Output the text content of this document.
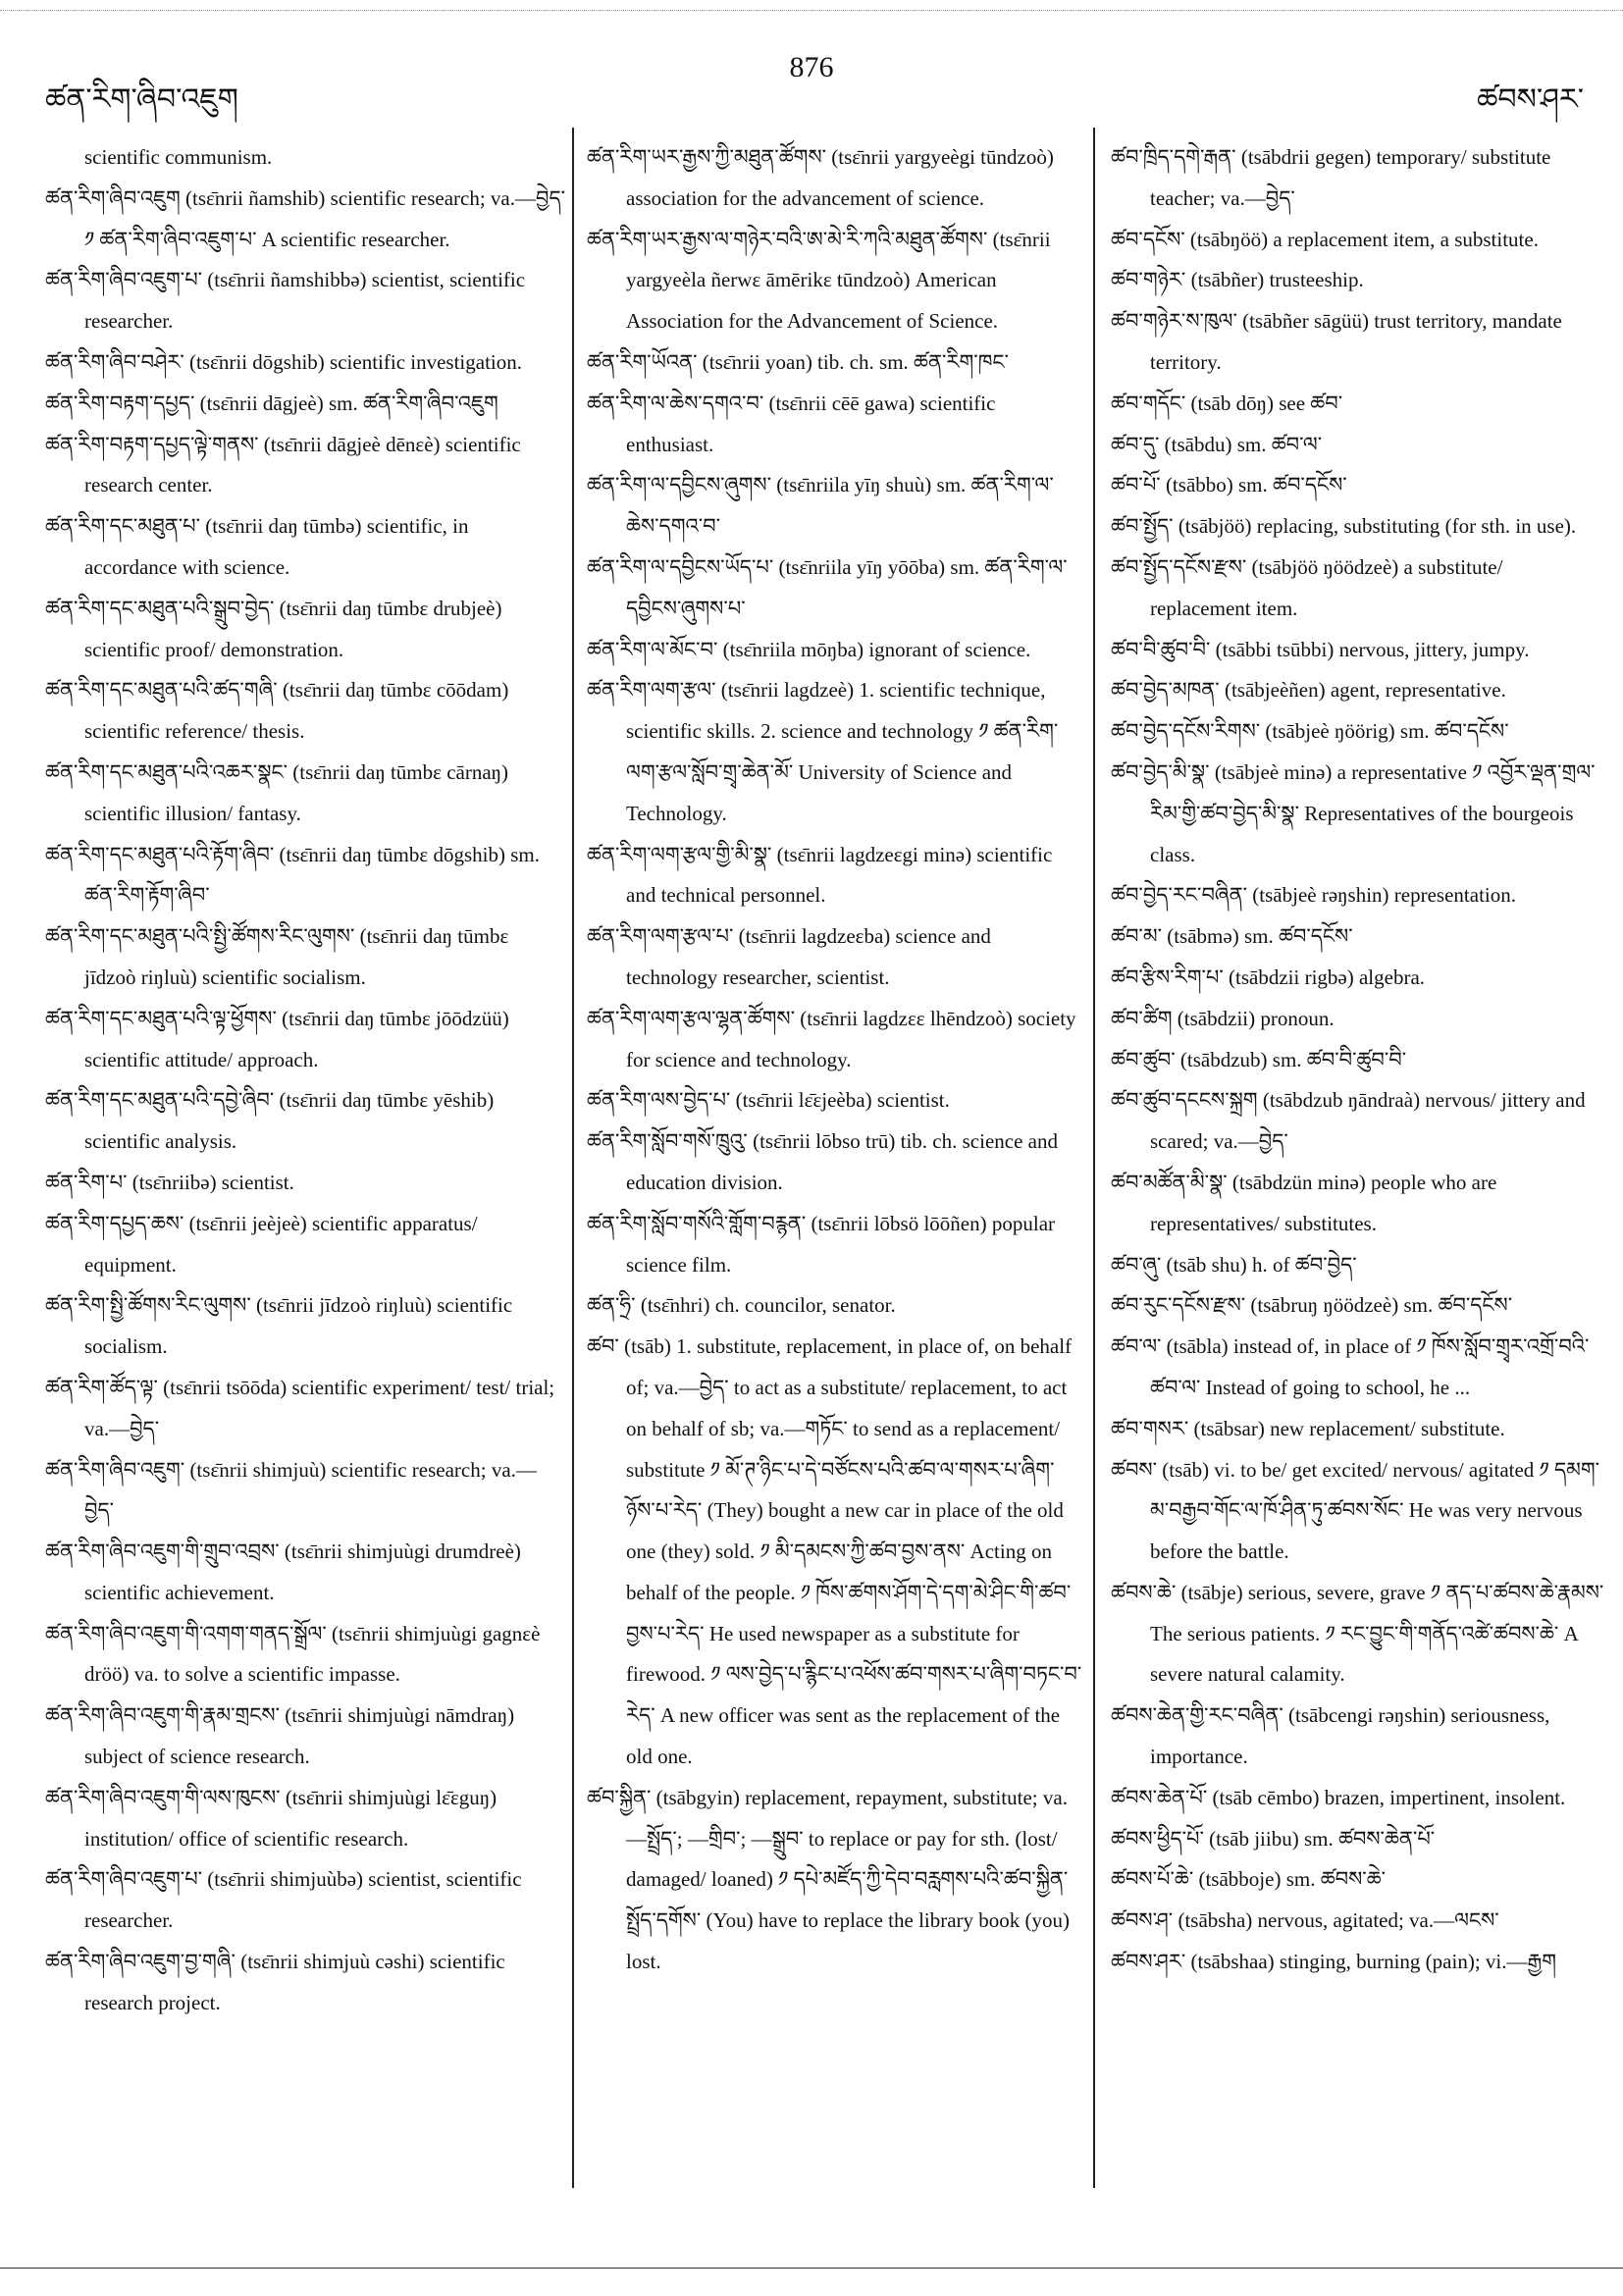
ཚན་རིག་ཞིབ་འཇུག
876
ཚབས་ཤར་
scientific communism.
ཚན་རིག་ཞིབ་འཇུག (tsɛ̄nrii ñamshib) scientific research; va.—བྱེད་ ༡ ཚན་རིག་ཞིབ་འཇུག་པ་ A scientific researcher.
ཚན་རིག་ཞིབ་འཇུག་པ་ (tsɛ̄nrii ñamshibbə) scientist, scientific researcher.
ཚན་རིག་ཞིབ་བཤེར་ (tsɛ̄nrii dōgshib) scientific investigation.
ཚན་རིག་བརྟག་དཔྱད་ (tsɛ̄nrii dāgjeè) sm. ཚན་རིག་ཞིབ་འཇུག
ཚན་རིག་བརྟག་དཔྱད་ལྟེ་གནས་ (tsɛ̄nrii dāgjeè dēnɛè) scientific research center.
ཚན་རིག་དང་མཐུན་པ་ (tsɛ̄nrii daŋ tūmbə) scientific, in accordance with science.
ཚན་རིག་དང་མཐུན་པའི་སྒྲུབ་བྱེད་ (tsɛ̄nrii daŋ tūmbɛ drubjeè) scientific proof/ demonstration.
ཚན་རིག་དང་མཐུན་པའི་ཚད་གཞི་ (tsɛ̄nrii daŋ tūmbɛ cōōdam) scientific reference/ thesis.
ཚན་རིག་དང་མཐུན་པའི་འཆར་སྣང་ (tsɛ̄nrii daŋ tūmbɛ cārnaŋ) scientific illusion/ fantasy.
ཚན་རིག་དང་མཐུན་པའི་རྟོག་ཞིབ་ (tsɛ̄nrii daŋ tūmbɛ dōgshib) sm. ཚན་རིག་རྟོག་ཞིབ་
ཚན་རིག་དང་མཐུན་པའི་སྤྱི་ཚོགས་རིང་ལུགས་ (tsɛ̄nrii daŋ tūmbɛ jīdzoò riŋluù) scientific socialism.
ཚན་རིག་དང་མཐུན་པའི་ལྟ་ཕྱོགས་ (tsɛ̄nrii daŋ tūmbɛ jōōdzüü) scientific attitude/ approach.
ཚན་རིག་དང་མཐུན་པའི་དབྱེ་ཞིབ་ (tsɛ̄nrii daŋ tūmbɛ yēshib) scientific analysis.
ཚན་རིག་པ་ (tsɛ̄nriibə) scientist.
ཚན་རིག་དཔྱད་ཆས་ (tsɛ̄nrii jeèjeè) scientific apparatus/ equipment.
ཚན་རིག་སྤྱི་ཚོགས་རིང་ལུགས་ (tsɛ̄nrii jīdzoò riŋluù) scientific socialism.
ཚན་རིག་ཚོད་ལྟ་ (tsɛ̄nrii tsōōda) scientific experiment/ test/ trial; va.—བྱེད་
ཚན་རིག་ཞིབ་འཇུག་ (tsɛ̄nrii shimjuù) scientific research; va.—བྱེད་
ཚན་རིག་ཞིབ་འཇུག་གི་གྲུབ་འབྲས་ (tsɛ̄nrii shimjuùgi drumdreè) scientific achievement.
ཚན་རིག་ཞིབ་འཇུག་གི་འགག་གནད་སྒྲོལ་ (tsɛ̄nrii shimjuùgi gagnɛè dröö) va. to solve a scientific impasse.
ཚན་རིག་ཞིབ་འཇུག་གི་རྣམ་གྲངས་ (tsɛ̄nrii shimjuùgi nāmdraŋ) subject of science research.
ཚན་རིག་ཞིབ་འཇུག་གི་ལས་ཁུངས་ (tsɛ̄nrii shimjuùgi lɛ̄ɛguŋ) institution/ office of scientific research.
ཚན་རིག་ཞིབ་འཇུག་པ་ (tsɛ̄nrii shimjuùbə) scientist, scientific researcher.
ཚན་རིག་ཞིབ་འཇུག་བྱ་གཞི་ (tsɛ̄nrii shimjuù cəshi) scientific research project.
ཚན་རིག་ཡར་རྒྱས་ཀྱི་མཐུན་ཚོགས་ (tsɛ̄nrii yargyeègi tūndzoò) association for the advancement of science.
ཚན་རིག་ཡར་རྒྱས་ལ་གཉེར་བའི་ཨ་མེ་རི་ཀའི་མཐུན་ཚོགས་ (tsɛ̄nrii yargyeèla ñerwɛ āmērikɛ tūndzoò) American Association for the Advancement of Science.
ཚན་རིག་ཡོའན་ (tsɛ̄nrii yoan) tib. ch. sm. ཚན་རིག་ཁང་
ཚན་རིག་ལ་ཆེས་དགའ་བ་ (tsɛ̄nrii cēē gawa) scientific enthusiast.
ཚན་རིག་ལ་དབྱིངས་ཞུགས་ (tsɛ̄nriila yīŋ shuù) sm. ཚན་རིག་ལ་ཆེས་དགའ་བ་
ཚན་རིག་ལ་དབྱིངས་ཡོད་པ་ (tsɛ̄nriila yīŋ yōōba) sm. ཚན་རིག་ལ་དབྱིངས་ཞུགས་པ་
ཚན་རིག་ལ་མོང་བ་ (tsɛ̄nriila mōŋba) ignorant of science.
ཚན་རིག་ལག་རྩལ་ (tsɛ̄nrii lagdzeè) 1. scientific technique, scientific skills. 2. science and technology ༡ ཚན་རིག་ལག་རྩལ་སློབ་གྲྭ་ཆེན་མོ་ University of Science and Technology.
ཚན་རིག་ལག་རྩལ་གྱི་མི་སྣ་ (tsɛ̄nrii lagdzeɛgi minə) scientific and technical personnel.
ཚན་རིག་ལག་རྩལ་པ་ (tsɛ̄nrii lagdzeɛba) science and technology researcher, scientist.
ཚན་རིག་ལག་རྩལ་ལྷན་ཚོགས་ (tsɛ̄nrii lagdzɛɛ lhēndzoò) society for science and technology.
ཚན་རིག་ལས་བྱེད་པ་ (tsɛ̄nrii lɛ̄ɛjeèba) scientist.
ཚན་རིག་སློབ་གསོ་ཁྲུའུ་ (tsɛ̄nrii lōbso trū) tib. ch. science and education division.
ཚན་རིག་སློབ་གསོའི་གློག་བརྙན་ (tsɛ̄nrii lōbsö lōōñen) popular science film.
ཚན་ཧྲི་ (tsɛ̄nhri) ch. councilor, senator.
ཚབ་ (tsāb) 1. substitute, replacement, in place of, on behalf of; va.—བྱེད་ to act as a substitute/ replacement, to act on behalf of sb; va.—གཏོང་ to send as a replacement/ substitute ༡ མོ་ཊ་ཉིང་པ་དེ་བཙོངས་པའི་ཚབ་ལ་གསར་པ་ཞིག་ཉོས་པ་རེད་ (They) bought a new car in place of the old one (they) sold. ༡ མི་དམངས་ཀྱི་ཚབ་བྱས་ནས་ Acting on behalf of the people. ༡ ཁོས་ཚགས་ཤོག་དེ་དག་མེ་ཤིང་གི་ཚབ་བྱས་པ་རེད་ He used newspaper as a substitute for firewood. ༡ ལས་བྱེད་པ་རྙིང་པ་འཕོས་ཚབ་གསར་པ་ཞིག་བཏང་བ་རེད་ A new officer was sent as the replacement of the old one.
ཚབ་སྐྱིན་ (tsābgyin) replacement, repayment, substitute; va.—སྤྲོད་; —གྲིབ་; —སྒྲུབ་ to replace or pay for sth. (lost/ damaged/ loaned) ༡ དཔེ་མཛོད་ཀྱི་དེབ་བརླགས་པའི་ཚབ་སྐྱིན་སྤྲོད་དགོས་ (You) have to replace the library book (you) lost.
ཚབ་ཁྲིད་དགེ་རྒན་ (tsābdrii gegen) temporary/ substitute teacher; va.—བྱེད་
ཚབ་དངོས་ (tsābŋöö) a replacement item, a substitute.
ཚབ་གཉེར་ (tsābñer) trusteeship.
ཚབ་གཉེར་ས་ཁུལ་ (tsābñer sāgüü) trust territory, mandate territory.
ཚབ་གདོང་ (tsāb dōŋ) see ཚབ་
ཚབ་དུ་ (tsābdu) sm. ཚབ་ལ་
ཚབ་པོ་ (tsābbo) sm. ཚབ་དངོས་
ཚབ་སྤྱོད་ (tsābjöö) replacing, substituting (for sth. in use).
ཚབ་སྤྱོད་དངོས་རྫས་ (tsābjöö ŋöödzeè) a substitute/ replacement item.
ཚབ་བི་ཚུབ་བི་ (tsābbi tsūbbi) nervous, jittery, jumpy.
ཚབ་བྱེད་མཁན་ (tsābjeèñen) agent, representative.
ཚབ་བྱེད་དངོས་རིགས་ (tsābjeè ŋöörig) sm. ཚབ་དངོས་
ཚབ་བྱེད་མི་སྣ་ (tsābjeè minə) a representative ༡ འབྱོར་ལྡན་གྲལ་རིམ་གྱི་ཚབ་བྱེད་མི་སྣ་ Representatives of the bourgeois class.
ཚབ་བྱེད་རང་བཞིན་ (tsābjeè rəŋshin) representation.
ཚབ་མ་ (tsābmə) sm. ཚབ་དངོས་
ཚབ་རྩིས་རིག་པ་ (tsābdzii rigbə) algebra.
ཚབ་ཚིག (tsābdzii) pronoun.
ཚབ་ཚུབ་ (tsābdzub) sm. ཚབ་བི་ཚུབ་བི་
ཚབ་ཚུབ་དངངས་སྐྲག (tsābdzub ŋāndraà) nervous/ jittery and scared; va.—བྱེད་
ཚབ་མཚོན་མི་སྣ་ (tsābdzün minə) people who are representatives/ substitutes.
ཚབ་ཞུ་ (tsāb shu) h. of ཚབ་བྱེད་
ཚབ་རུང་དངོས་རྫས་ (tsābruŋ ŋöödzeè) sm. ཚབ་དངོས་
ཚབ་ལ་ (tsābla) instead of, in place of ༡ ཁོས་སློབ་གྲྭར་འགྲོ་བའི་ཚབ་ལ་ Instead of going to school, he ...
ཚབ་གསར་ (tsābsar) new replacement/ substitute.
ཚབས་ (tsāb) vi. to be/ get excited/ nervous/ agitated ༡ དམག་མ་བརྒྱབ་གོང་ལ་ཁོ་ཤིན་ཏུ་ཚབས་སོང་ He was very nervous before the battle.
ཚབས་ཆེ་ (tsābje) serious, severe, grave ༡ ནད་པ་ཚབས་ཆེ་རྣམས་ The serious patients. ༡ རང་བྱུང་གི་གནོད་འཚེ་ཚབས་ཆེ་ A severe natural calamity.
ཚབས་ཆེན་གྱི་རང་བཞིན་ (tsābcengi rəŋshin) seriousness, importance.
ཚབས་ཆེན་པོ་ (tsāb cēmbo) brazen, impertinent, insolent.
ཚབས་ཕྱིད་པོ་ (tsāb jiibu) sm. ཚབས་ཆེན་པོ་
ཚབས་པོ་ཆེ་ (tsābboje) sm. ཚབས་ཆེ་
ཚབས་ཤ་ (tsābsha) nervous, agitated; va.—ལངས་
ཚབས་ཤར་ (tsābshaa) stinging, burning (pain); vi.—རྒྱག
